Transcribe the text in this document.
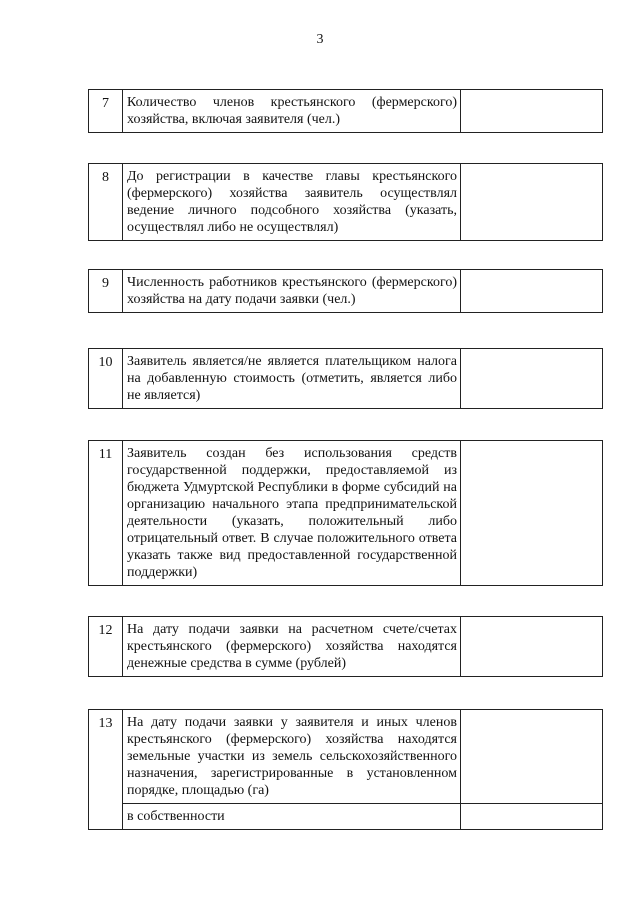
3
7	Количество членов крестьянского (фермерского) хозяйства, включая заявителя (чел.)	
8	До регистрации в качестве главы крестьянского (фермерского) хозяйства заявитель осуществлял ведение личного подсобного хозяйства (указать, осуществлял либо не осуществлял)	
9	Численность работников крестьянского (фермерского) хозяйства на дату подачи заявки (чел.)	
10	Заявитель является/не является плательщиком налога на добавленную стоимость (отметить, является либо не является)	
11	Заявитель создан без использования средств государственной поддержки, предоставляемой из бюджета Удмуртской Республики в форме субсидий на организацию начального этапа предпринимательской деятельности (указать, положительный либо отрицательный ответ. В случае положительного ответа указать также вид предоставленной государственной поддержки)	
12	На дату подачи заявки на расчетном счете/счетах крестьянского (фермерского) хозяйства находятся денежные средства в сумме (рублей)	
13	На дату подачи заявки у заявителя и иных членов крестьянского (фермерского) хозяйства находятся земельные участки из земель сельскохозяйственного назначения, зарегистрированные в установленном порядке, площадью (га)	
	в собственности	
